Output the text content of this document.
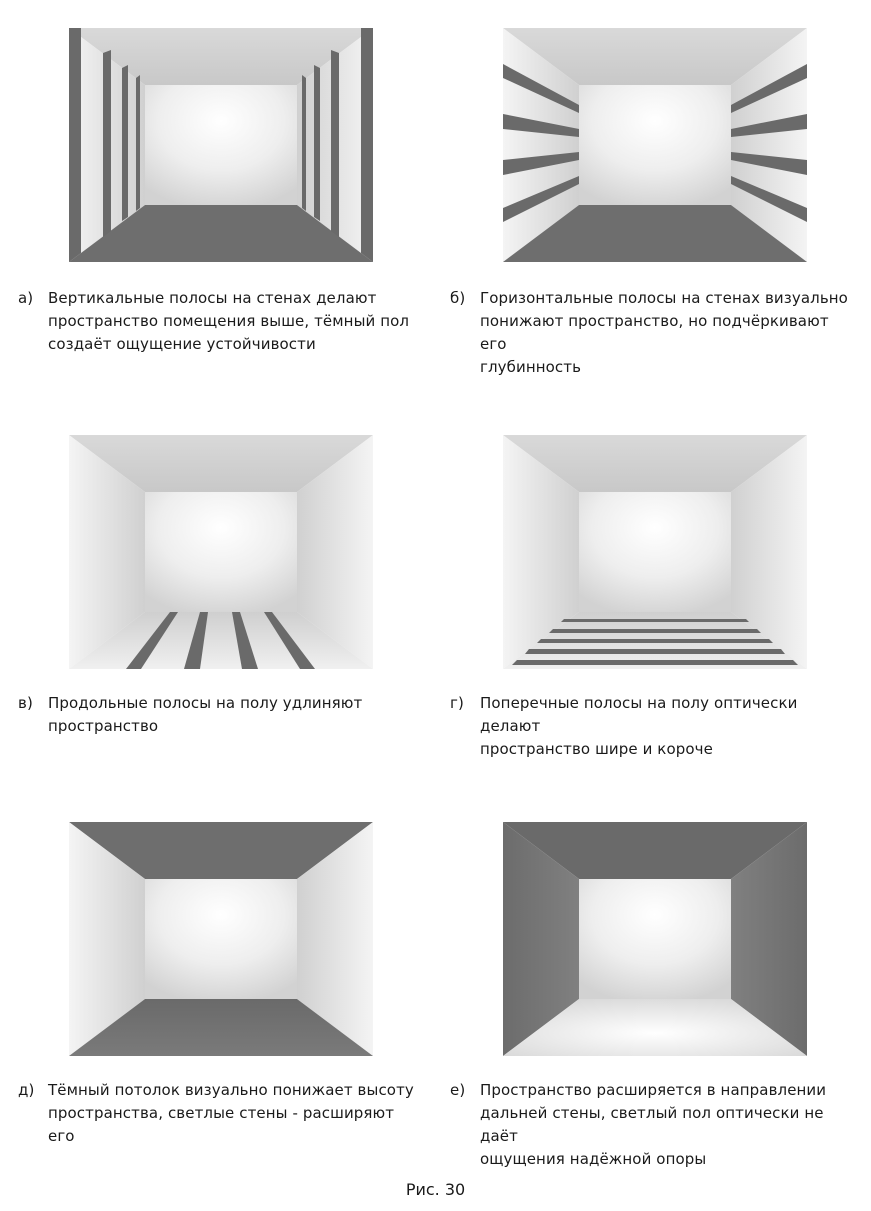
а) Вертикальные полосы на стенах делают
пространство помещения выше, тёмный пол
создаёт ощущение устойчивости
б) Горизонтальные полосы на стенах визуально
понижают пространство, но подчёркивают его
глубинность
в)	Продольные полосы на полу удлиняют
пространство
г)	Поперечные полосы на полу оптически делают
пространство шире и короче
д) Тёмный потолок визуально понижает высоту
пространства, светлые стены - расширяют его
е) Пространство расширяется в направлении
дальней стены, светлый пол оптически не даёт
ощущения надёжной опоры
Рис. 30
